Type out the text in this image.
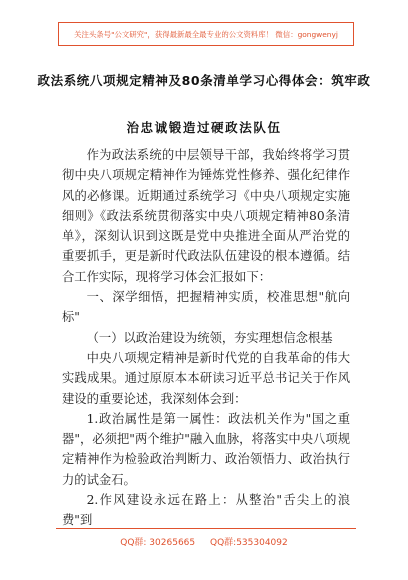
关注头条号"公文研究"，获得最新最全最专业的公文资料库！ 微信：gongwenyj
政法系统八项规定精神及80条清单学习心得体会：筑牢政
治忠诚锻造过硬政法队伍

作为政法系统的中层领导干部，我始终将学习贯彻中央八项规定精神作为锤炼党性修养、强化纪律作风的必修课。近期通过系统学习《中央八项规定实施细则》《政法系统贯彻落实中央八项规定精神80条清单》，深刻认识到这既是党中央推进全面从严治党的重要抓手，更是新时代政法队伍建设的根本遵循。结合工作实际，现将学习体会汇报如下：

一、深学细悟，把握精神实质，校准思想"航向标"

（一）以政治建设为统领，夯实理想信念根基

中央八项规定精神是新时代党的自我革命的伟大实践成果。通过原原本本研读习近平总书记关于作风建设的重要论述，我深刻体会到：

1.政治属性是第一属性：政法机关作为"国之重器"，必须把"两个维护"融入血脉，将落实中央八项规定精神作为检验政治判断力、政治领悟力、政治执行力的试金石。

2.作风建设永远在路上：从整治"舌尖上的浪费"到

QQ群: 30265665 QQ群:535304092
